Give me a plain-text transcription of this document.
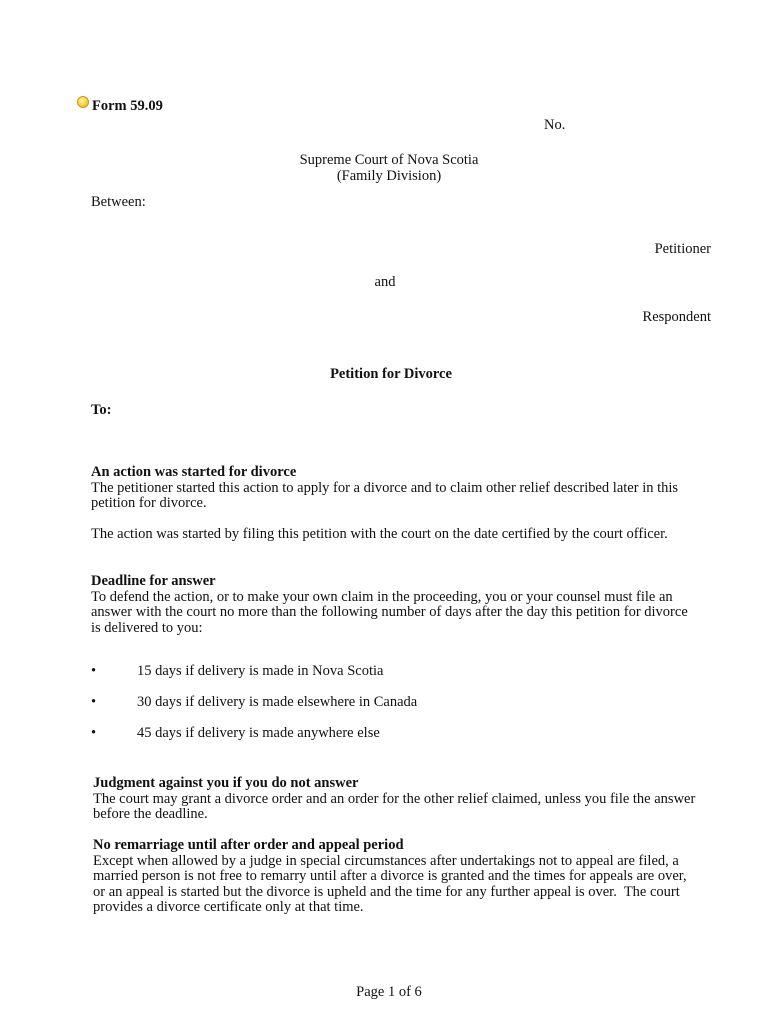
Form 59.09
No.
Supreme Court of Nova Scotia
(Family Division)
Between:
Petitioner
and
Respondent
Petition for Divorce
To:
An action was started for divorce
The petitioner started this action to apply for a divorce and to claim other relief described later in this
petition for divorce.
The action was started by filing this petition with the court on the date certified by the court officer.
Deadline for answer
To defend the action, or to make your own claim in the proceeding, you or your counsel must file an
answer with the court no more than the following number of days after the day this petition for divorce
is delivered to you:
•	15 days if delivery is made in Nova Scotia
•	30 days if delivery is made elsewhere in Canada
•	45 days if delivery is made anywhere else
Judgment against you if you do not answer
The court may grant a divorce order and an order for the other relief claimed, unless you file the answer
before the deadline.
No remarriage until after order and appeal period
Except when allowed by a judge in special circumstances after undertakings not to appeal are filed, a
married person is not free to remarry until after a divorce is granted and the times for appeals are over,
or an appeal is started but the divorce is upheld and the time for any further appeal is over.  The court
provides a divorce certificate only at that time.
Page 1 of 6
